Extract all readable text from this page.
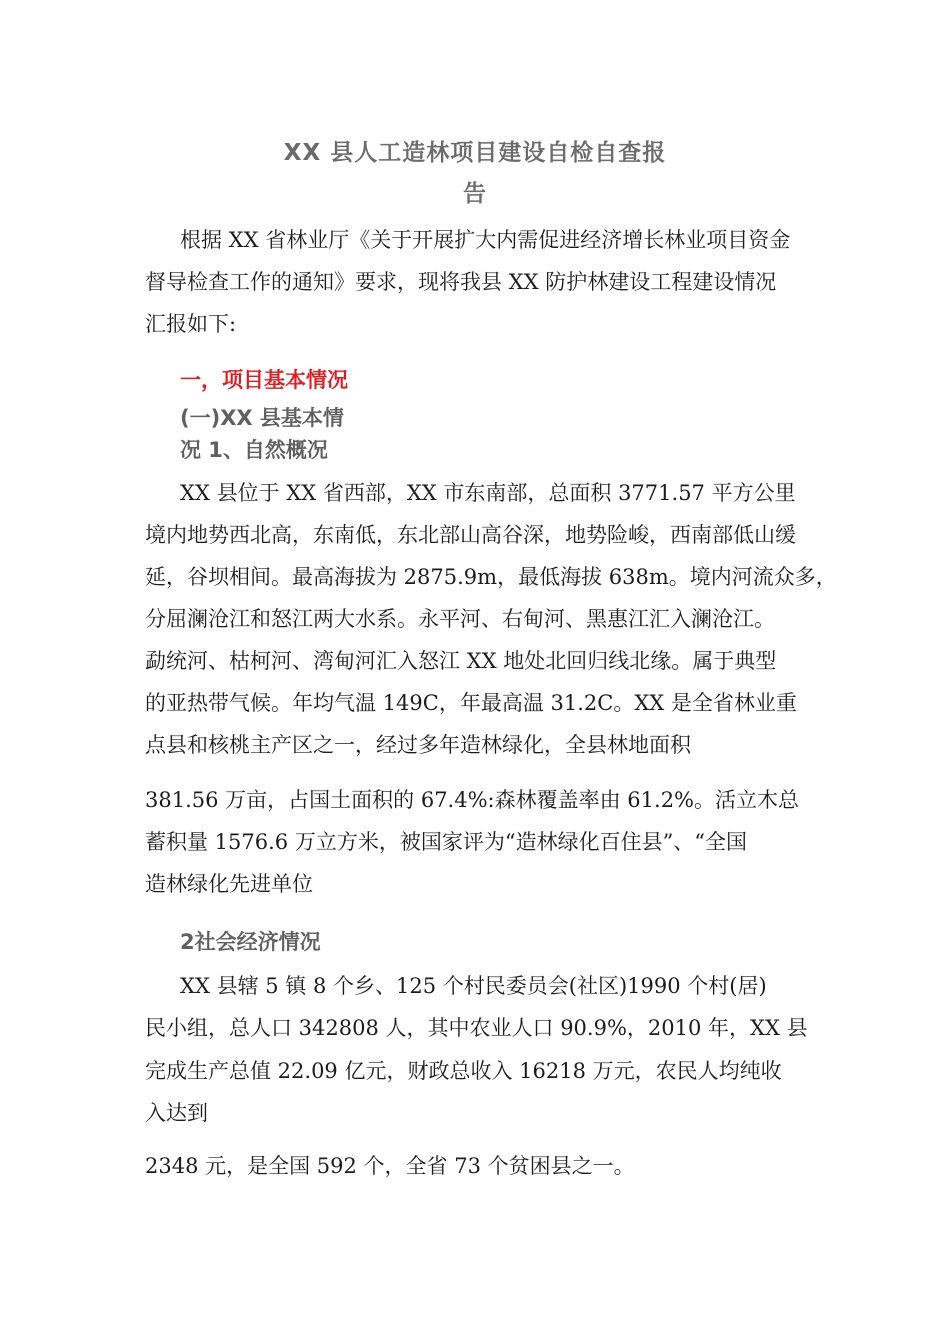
XX 县人工造林项目建设自检自查报
告
根据 XX 省林业厅《关于开展扩大内需促进经济增长林业项目资金
督导检查工作的通知》要求，现将我县 XX 防护林建设工程建设情况
汇报如下:
一，项目基本情况
(一)XX 县基本情
况 1、自然概况
XX 县位于 XX 省西部，XX 市东南部，总面积 3771.57 平方公里
境内地势西北高，东南低，东北部山高谷深，地势险峻，西南部低山缓
延，谷坝相间。最高海拔为 2875.9m，最低海拔 638m。境内河流众多，
分屈澜沧江和怒江两大水系。永平河、右甸河、黑惠江汇入澜沧江。
勐统河、枯柯河、湾甸河汇入怒江 XX 地处北回归线北缘。属于典型
的亚热带气候。年均气温 149C，年最高温 31.2C。XX 是全省林业重
点县和核桃主产区之一，经过多年造林绿化，全县林地面积
381.56 万亩，占国土面积的 67.4%:森林覆盖率由 61.2%。活立木总
蓄积量 1576.6 万立方米，被国家评为“造林绿化百住县”、“全国
造林绿化先进单位
2社会经济情况
XX 县辖 5 镇 8 个乡、125 个村民委员会(社区)1990 个村(居)
民小组，总人口 342808 人，其中农业人口 90.9%，2010 年，XX 县
完成生产总值 22.09 亿元，财政总收入 16218 万元，农民人均纯收
入达到
2348 元，是全国 592 个，全省 73 个贫困县之一。
